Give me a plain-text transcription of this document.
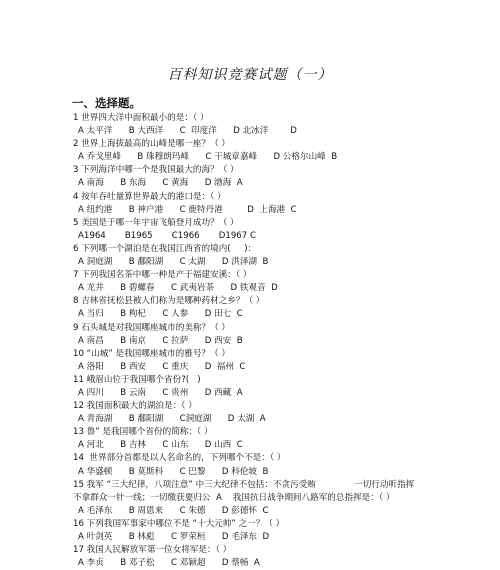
百科知识竞赛试题（一）
一、选择题。
1 世界四大洋中面积最小的是：（ ）
A 太平洋      B 大西洋      C  印度洋      D 北冰洋        D
2 世界上海拔最高的山峰是哪一座？（ ）
A 乔戈里峰      B 珠穆朗玛峰      C 干城章嘉峰      D 公格尔山峰  B
3 下列海洋中哪一个是我国最大的海？（ ）
A 南海      B 东海      C 黄海      D 渤海  A
4 按年吞吐量算世界最大的港口是：（ ）
A 纽约港      B 神户港      C 鹿特丹港         D  上海港  C
5 美国是于哪一年宇宙飞船登月成功？（ ）
A1964       B1965       C1966       D1967 C
6 下列哪一个湖泊是在我国江西省的境内(     )：
A 洞庭湖      B 鄱阳湖      C 太湖      D 洪泽湖  B
7 下列我国名茶中哪一种是产于福建安溪：（ ）
A 龙井      B 碧螺春      C 武夷岩茶      D 铁观音  D
8 吉林省抚松县被人们称为是哪种药材之乡？（ ）
A 当归      B 枸杞      C 人参      D 田七  C
9 石头城是对我国哪座城市的美称？（ ）
A 南昌      B 南京      C 拉萨      D 西安  B
10 “山城” 是我国哪座城市的雅号？（ ）
A 洛阳      B 西安      C 重庆      D  福州  C
11 峨眉山位于我国哪个省份?(   )
A 四川      B 云南      C 贵州      D 西藏  A
12 我国面积最大的湖泊是：（ ）
A 青海湖      B 鄱阳湖      C洞庭湖      D 太湖  A
13 鲁” 是我国哪个省份的简称：（ ）
A 河北      B 吉林      C 山东      D 山西  C
14  世界部分首都是以人名命名的，下列哪个不是：（ ）
A 华盛顿      B 莫斯科      C 巴黎      D 科伦坡  B
15 我军 “三大纪律，八项注意” 中三大纪律不包括：不贪污受贿              一切行动听指挥
不拿群众一针一线；一切缴获要归公  A    我国抗日战争期间八路军的总指挥是：（ ）
A 毛泽东      B 周恩来      C 朱德      D 彭德怀  C
16 下列我国军事家中哪位不是 “十大元帅” 之一？（ ）
A 叶剑英      B 林彪      C 罗荣桓      D 毛泽东  D
17 我国人民解放军第一位女将军是：（ ）
A 李贞      B 邓子松      C 邓颖超      D 蔡畅  A
